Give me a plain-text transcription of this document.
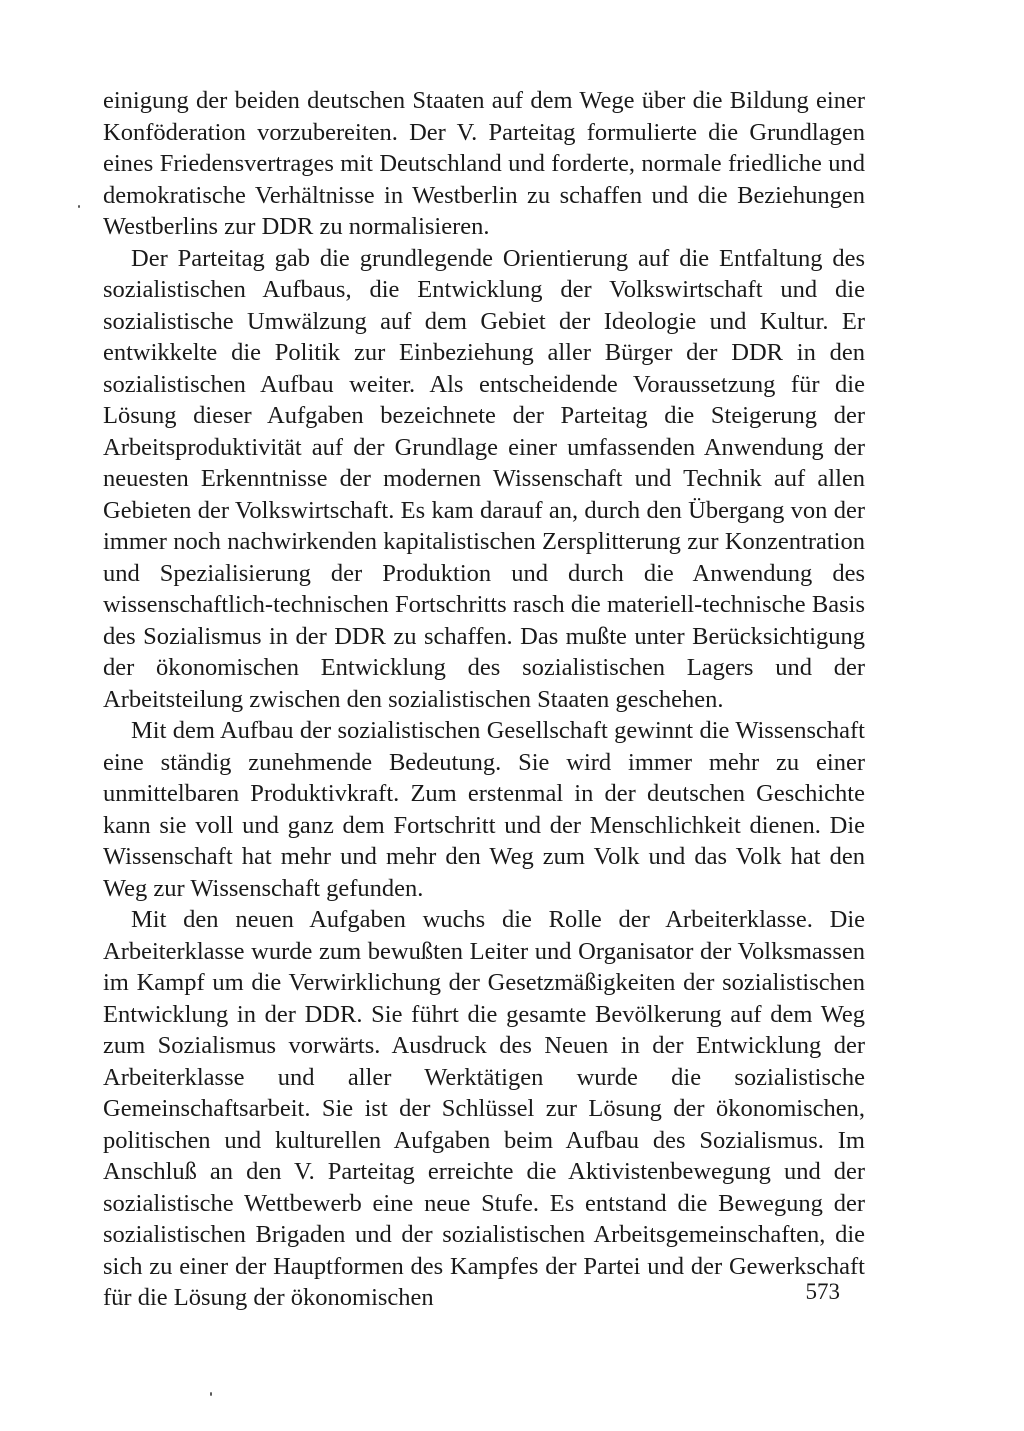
einigung der beiden deutschen Staaten auf dem Wege über die Bildung einer Konföderation vorzubereiten. Der V. Parteitag formulierte die Grundlagen eines Friedensvertrages mit Deutschland und forderte, normale friedliche und demokratische Verhältnisse in Westberlin zu schaffen und die Beziehungen Westberlins zur DDR zu normalisieren.

Der Parteitag gab die grundlegende Orientierung auf die Entfaltung des sozialistischen Aufbaus, die Entwicklung der Volkswirtschaft und die sozialistische Umwälzung auf dem Gebiet der Ideologie und Kultur. Er entwikkelte die Politik zur Einbeziehung aller Bürger der DDR in den sozialistischen Aufbau weiter. Als entscheidende Voraussetzung für die Lösung dieser Aufgaben bezeichnete der Parteitag die Steigerung der Arbeitsproduktivität auf der Grundlage einer umfassenden Anwendung der neuesten Erkenntnisse der modernen Wissenschaft und Technik auf allen Gebieten der Volkswirtschaft. Es kam darauf an, durch den Übergang von der immer noch nachwirkenden kapitalistischen Zersplitterung zur Konzentration und Spezialisierung der Produktion und durch die Anwendung des wissenschaftlich-technischen Fortschritts rasch die materiell-technische Basis des Sozialismus in der DDR zu schaffen. Das mußte unter Berücksichtigung der ökonomischen Entwicklung des sozialistischen Lagers und der Arbeitsteilung zwischen den sozialistischen Staaten geschehen.

Mit dem Aufbau der sozialistischen Gesellschaft gewinnt die Wissenschaft eine ständig zunehmende Bedeutung. Sie wird immer mehr zu einer unmittelbaren Produktivkraft. Zum erstenmal in der deutschen Geschichte kann sie voll und ganz dem Fortschritt und der Menschlichkeit dienen. Die Wissenschaft hat mehr und mehr den Weg zum Volk und das Volk hat den Weg zur Wissenschaft gefunden.

Mit den neuen Aufgaben wuchs die Rolle der Arbeiterklasse. Die Arbeiterklasse wurde zum bewußten Leiter und Organisator der Volksmassen im Kampf um die Verwirklichung der Gesetzmäßigkeiten der sozialistischen Entwicklung in der DDR. Sie führt die gesamte Bevölkerung auf dem Weg zum Sozialismus vorwärts. Ausdruck des Neuen in der Entwicklung der Arbeiterklasse und aller Werktätigen wurde die sozialistische Gemeinschaftsarbeit. Sie ist der Schlüssel zur Lösung der ökonomischen, politischen und kulturellen Aufgaben beim Aufbau des Sozialismus. Im Anschluß an den V. Parteitag erreichte die Aktivistenbewegung und der sozialistische Wettbewerb eine neue Stufe. Es entstand die Bewegung der sozialistischen Brigaden und der sozialistischen Arbeitsgemeinschaften, die sich zu einer der Hauptformen des Kampfes der Partei und der Gewerkschaft für die Lösung der ökonomischen	573
